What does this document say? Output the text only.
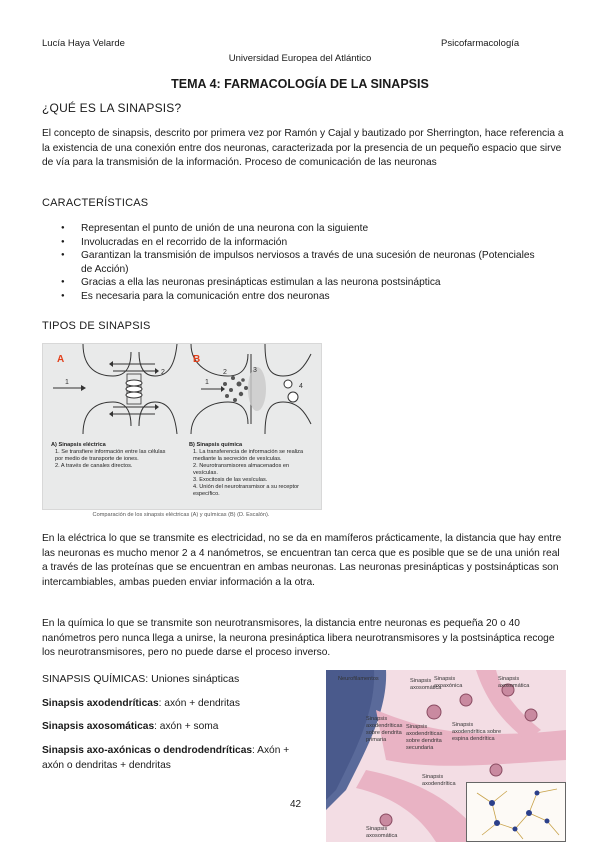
Lucía Haya Velarde	Psicofarmacología
Universidad Europea del Atlántico
TEMA 4: FARMACOLOGÍA DE LA SINAPSIS
¿QUÉ ES LA SINAPSIS?

El concepto de sinapsis, descrito por primera vez por Ramón y Cajal y bautizado por Sherrington, hace referencia a la existencia de una conexión entre dos neuronas, caracterizada por la presencia de un pequeño espacio que sirve de vía para la transmisión de la información. Proceso de comunicación de las neuronas

CARACTERÍSTICAS
● Representan el punto de unión de una neurona con la siguiente
● Involucradas en el recorrido de la información
● Garantizan la transmisión de impulsos nerviosos a través de una sucesión de neuronas (Potenciales de Acción)
● Gracias a ella las neuronas presinápticas estimulan a las neurona postsináptica
● Es necesaria para la comunicación entre dos neuronas
TIPOS DE SINAPSIS
A	B
1
2
1
2	3
4
A) Sinapsis eléctrica
1. Se transfiere información entre las células por medio de transporte de iones.
2. A través de canales directos.
B) Sinapsis química
1. La transferencia de información se realiza mediante la secreción de vesículas.
2. Neurotransmisores almacenados en vesículas.
3. Exocitosis de las vesículas.
4. Unión del neurotransmisor a su receptor específico.
Comparación de los sinapsis eléctricas (A) y químicas (B) (D. Escalón).

En la eléctrica lo que se transmite es electricidad, no se da en mamíferos prácticamente, la distancia que hay entre las neuronas es mucho menor 2 a 4 nanómetros, se encuentran tan cerca que es posible que se de una unión real a través de las proteínas que se encuentran en ambas neuronas. Las neuronas presinápticas y postsinápticas son intercambiables, ambas pueden enviar información a la otra.

En la química lo que se transmite son neurotransmisores, la distancia entre neuronas es pequeña 20 o 40 nanómetros pero nunca llega a unirse, la neurona presináptica libera neurotransmisores y la postsináptica recoge los neurotransmisores, pero no puede darse el proceso inverso.

SINAPSIS QUÍMICAS: Uniones sinápticas
Sinapsis axodendríticas: axón + dendritas
Sinapsis axosomáticas: axón + soma
Sinapsis axo-axónicas o dendrodendríticas: Axón + axón o dendritas + dendritas
Neurofilamentos	Sinapsis axosomática
Sinapsis axodendríticas sobre dendrita secundaria
Sinapsis axodendrítica sobre espina dendrítica
Sinapsis axoaxónica
Sinapsis axodendríticas sobre dendrita primaria
Sinapsis axosomática
Sinapsis axodendrítica
Sinapsis axosomática
42
